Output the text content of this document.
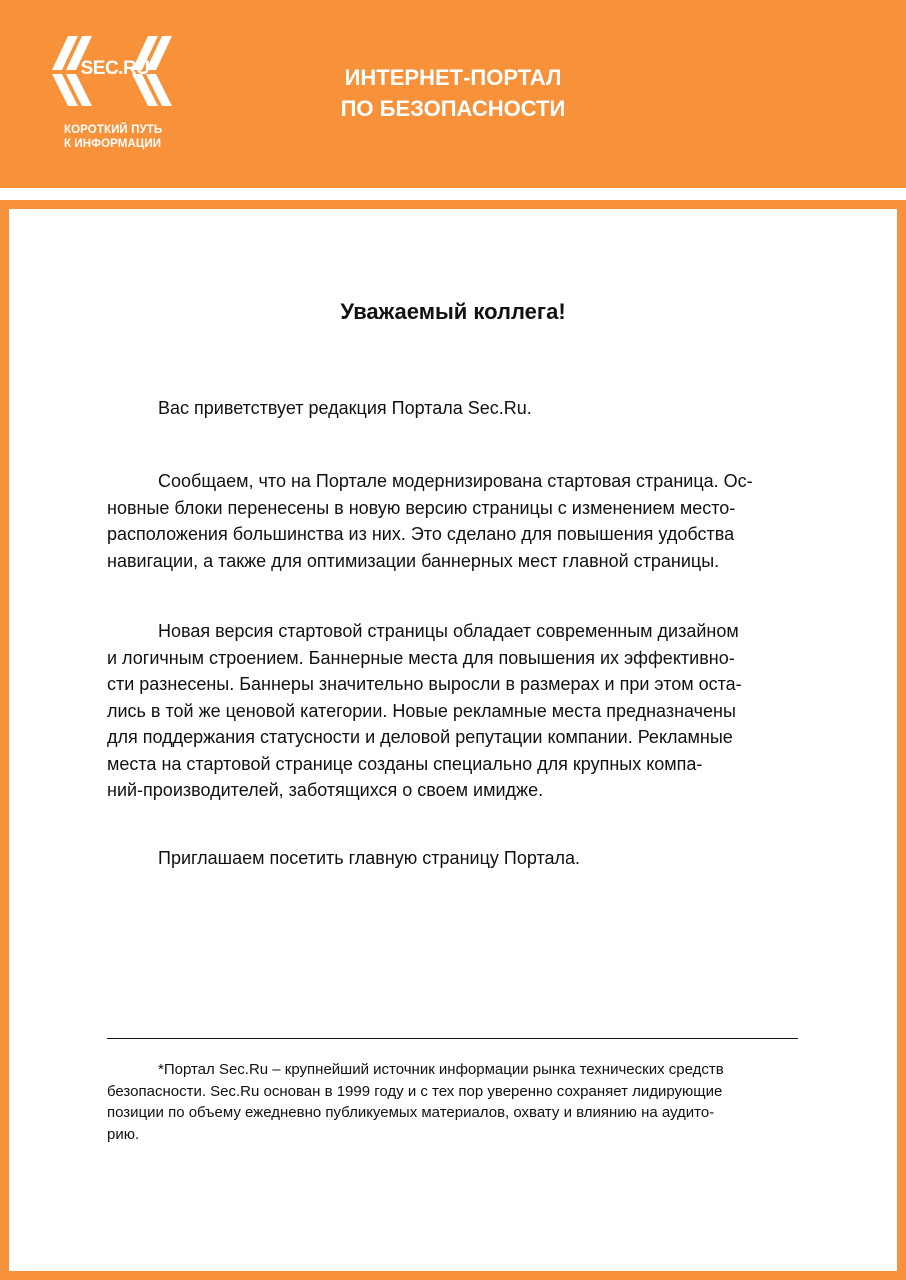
SEC.RU
КОРОТКИЙ ПУТЬ
К ИНФОРМАЦИИ
ИНТЕРНЕТ-ПОРТАЛ
ПО БЕЗОПАСНОСТИ
Уважаемый коллега!

Вас приветствует редакция Портала Sec.Ru.

Сообщаем, что на Портале модернизирована стартовая страница. Ос-
новные блоки перенесены в новую версию страницы с изменением место-
расположения большинства из них. Это сделано для повышения удобства
навигации, а также для оптимизации баннерных мест главной страницы.

Новая версия стартовой страницы обладает современным дизайном
и логичным строением. Баннерные места для повышения их эффективно-
сти разнесены. Баннеры значительно выросли в размерах и при этом оста-
лись в той же ценовой категории. Новые рекламные места предназначены
для поддержания статусности и деловой репутации компании. Рекламные
места на стартовой странице созданы специально для крупных компа-
ний-производителей, заботящихся о своем имидже.

Приглашаем посетить главную страницу Портала.

*Портал Sec.Ru – крупнейший источник информации рынка технических средств
безопасности. Sec.Ru основан в 1999 году и с тех пор уверенно сохраняет лидирующие
позиции по объему ежедневно публикуемых материалов, охвату и влиянию на аудито-
рию.
